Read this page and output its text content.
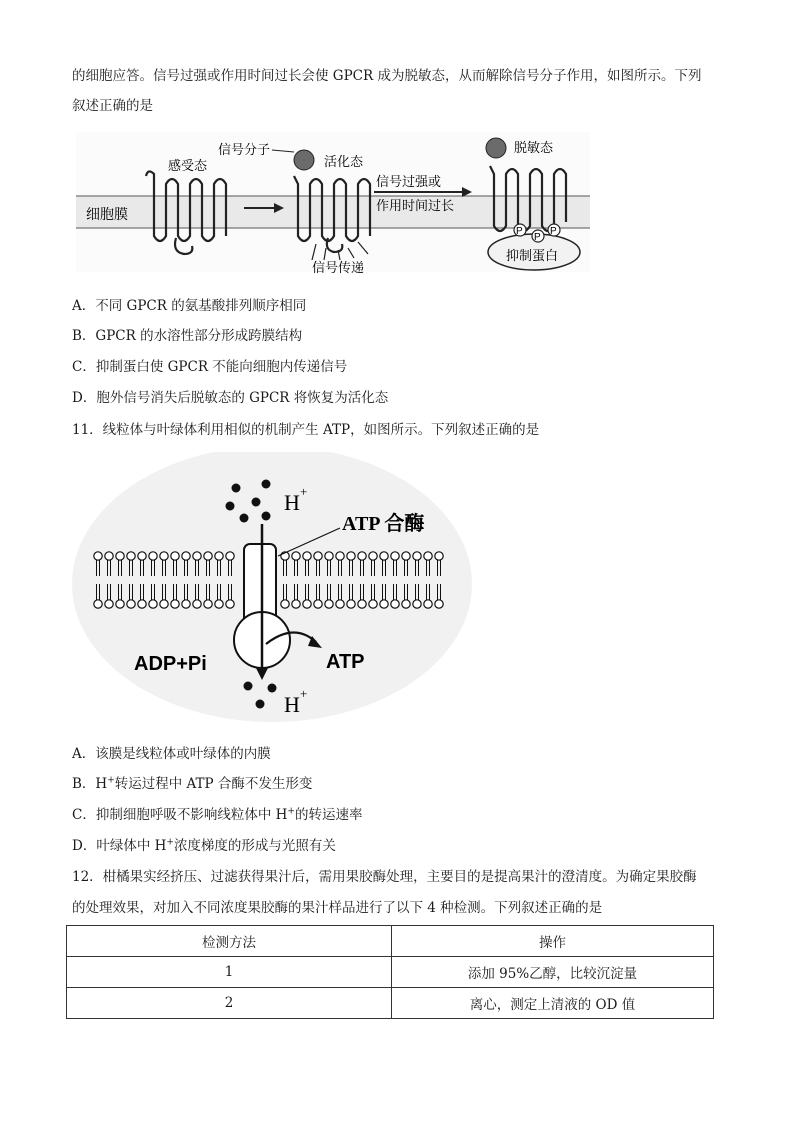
的细胞应答。信号过强或作用时间过长会使 GPCR 成为脱敏态，从而解除信号分子作用，如图所示。下列
叙述正确的是
细胞膜
感受态
信号分子
活化态
信号传递
信号过强或
作用时间过长
脱敏态
P
P
P
抑制蛋白
A．不同 GPCR 的氨基酸排列顺序相同
B．GPCR 的水溶性部分形成跨膜结构
C．抑制蛋白使 GPCR 不能向细胞内传递信号
D．胞外信号消失后脱敏态的 GPCR 将恢复为活化态
11．线粒体与叶绿体利用相似的机制产生 ATP，如图所示。下列叙述正确的是
H +
ATP 合酶
ADP+Pi	ATP
H +
A．该膜是线粒体或叶绿体的内膜
B．H+转运过程中 ATP 合酶不发生形变
C．抑制细胞呼吸不影响线粒体中 H+的转运速率
D．叶绿体中 H+浓度梯度的形成与光照有关
12．柑橘果实经挤压、过滤获得果汁后，需用果胶酶处理，主要目的是提高果汁的澄清度。为确定果胶酶
的处理效果，对加入不同浓度果胶酶的果汁样品进行了以下 4 种检测。下列叙述正确的是
检测方法	操作
1	添加 95%乙醇，比较沉淀量
2	离心，测定上清液的 OD 值
